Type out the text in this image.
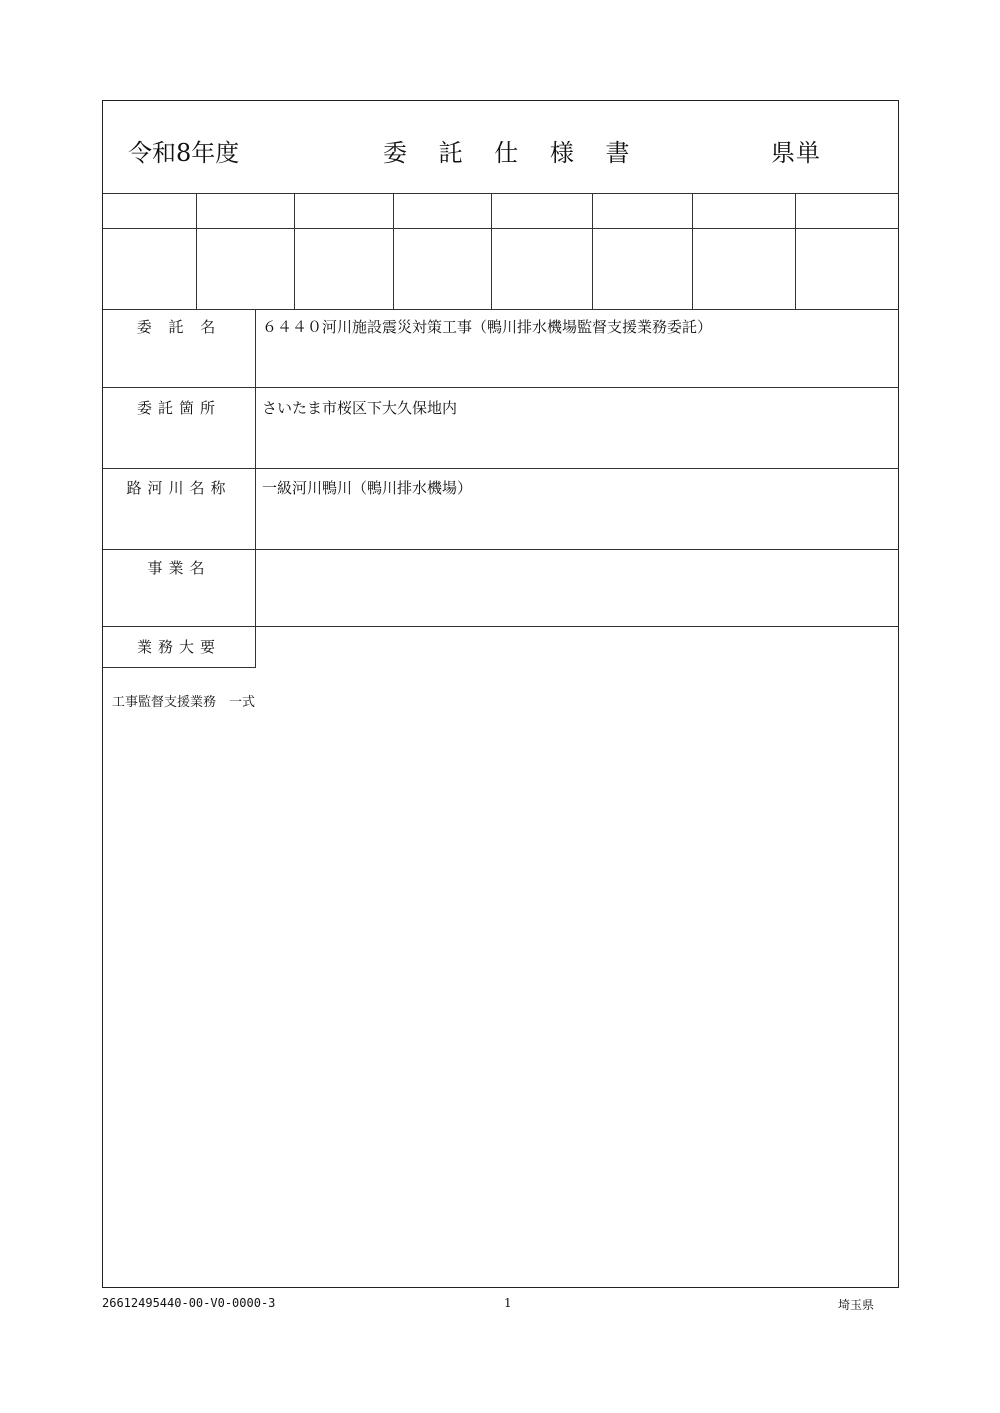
令和8年度	委 託 仕 様 書	県単
委 託 名	６４４０河川施設震災対策工事（鴨川排水機場監督支援業務委託）
委託箇所	さいたま市桜区下大久保地内
路河川名称	一級河川鴨川（鴨川排水機場）
事業名
業務大要
工事監督支援業務　一式
26612495440-00-V0-0000-3	1	埼玉県
